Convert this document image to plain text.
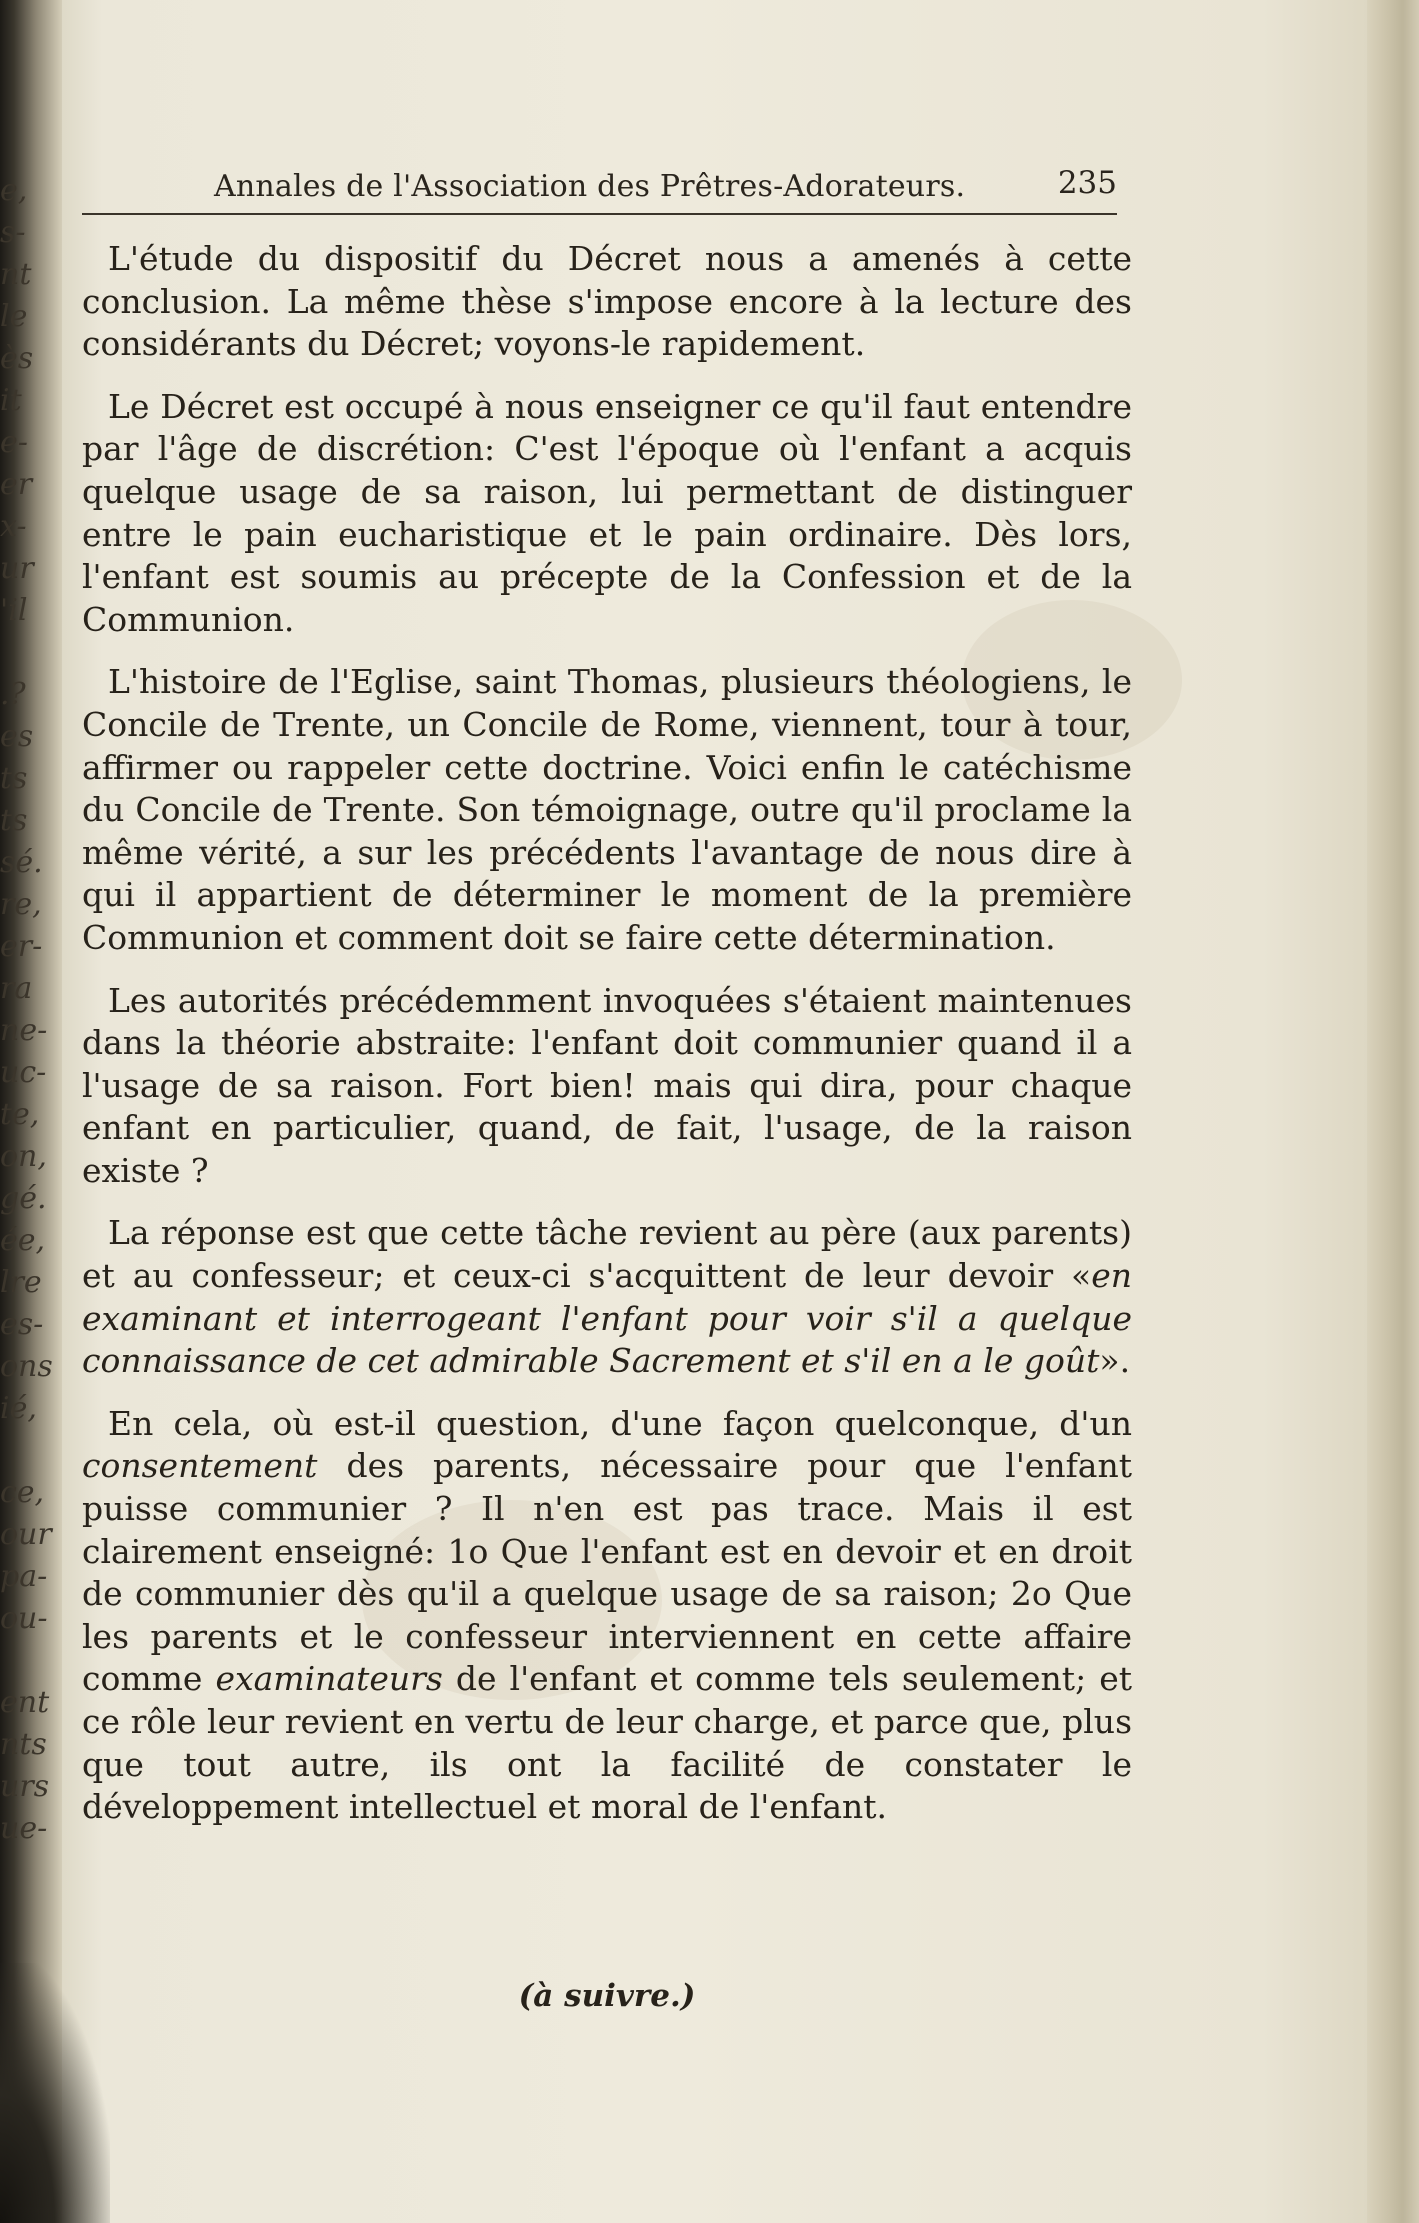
e,
s-
nt
le
ès
it
e-
er
x-
ur
'il
.?
es
ts
ts
sé.
re,
er-
ra
ne-
uc-
te,
on,
gé.
ée,
lre
es-
ons
ié,
ce,
our
pa-
ou-
ent
nts
urs
ue-
Annales de l'Association des Prêtres-Adorateurs.	235

L'étude du dispositif du Décret nous a amenés à cette conclusion. La même thèse s'impose encore à la lecture des considérants du Décret; voyons-le rapidement.

Le Décret est occupé à nous enseigner ce qu'il faut entendre par l'âge de discrétion: C'est l'époque où l'enfant a acquis quelque usage de sa raison, lui permettant de distinguer entre le pain eucharistique et le pain ordinaire. Dès lors, l'enfant est soumis au précepte de la Confession et de la Communion.

L'histoire de l'Eglise, saint Thomas, plusieurs théologiens, le Concile de Trente, un Concile de Rome, viennent, tour à tour, affirmer ou rappeler cette doctrine. Voici enfin le catéchisme du Concile de Trente. Son témoignage, outre qu'il proclame la même vérité, a sur les précédents l'avantage de nous dire à qui il appartient de déterminer le moment de la première Communion et comment doit se faire cette détermination.

Les autorités précédemment invoquées s'étaient maintenues dans la théorie abstraite: l'enfant doit communier quand il a l'usage de sa raison. Fort bien! mais qui dira, pour chaque enfant en particulier, quand, de fait, l'usage, de la raison existe ?

La réponse est que cette tâche revient au père (aux parents) et au confesseur; et ceux-ci s'acquittent de leur devoir «en examinant et interrogeant l'enfant pour voir s'il a quelque connaissance de cet admirable Sacrement et s'il en a le goût».

En cela, où est-il question, d'une façon quelconque, d'un consentement des parents, nécessaire pour que l'enfant puisse communier ? Il n'en est pas trace. Mais il est clairement enseigné: 1o Que l'enfant est en devoir et en droit de communier dès qu'il a quelque usage de sa raison; 2o Que les parents et le confesseur interviennent en cette affaire comme examinateurs de l'enfant et comme tels seulement; et ce rôle leur revient en vertu de leur charge, et parce que, plus que tout autre, ils ont la facilité de constater le développement intellectuel et moral de l'enfant.

(à suivre.)
